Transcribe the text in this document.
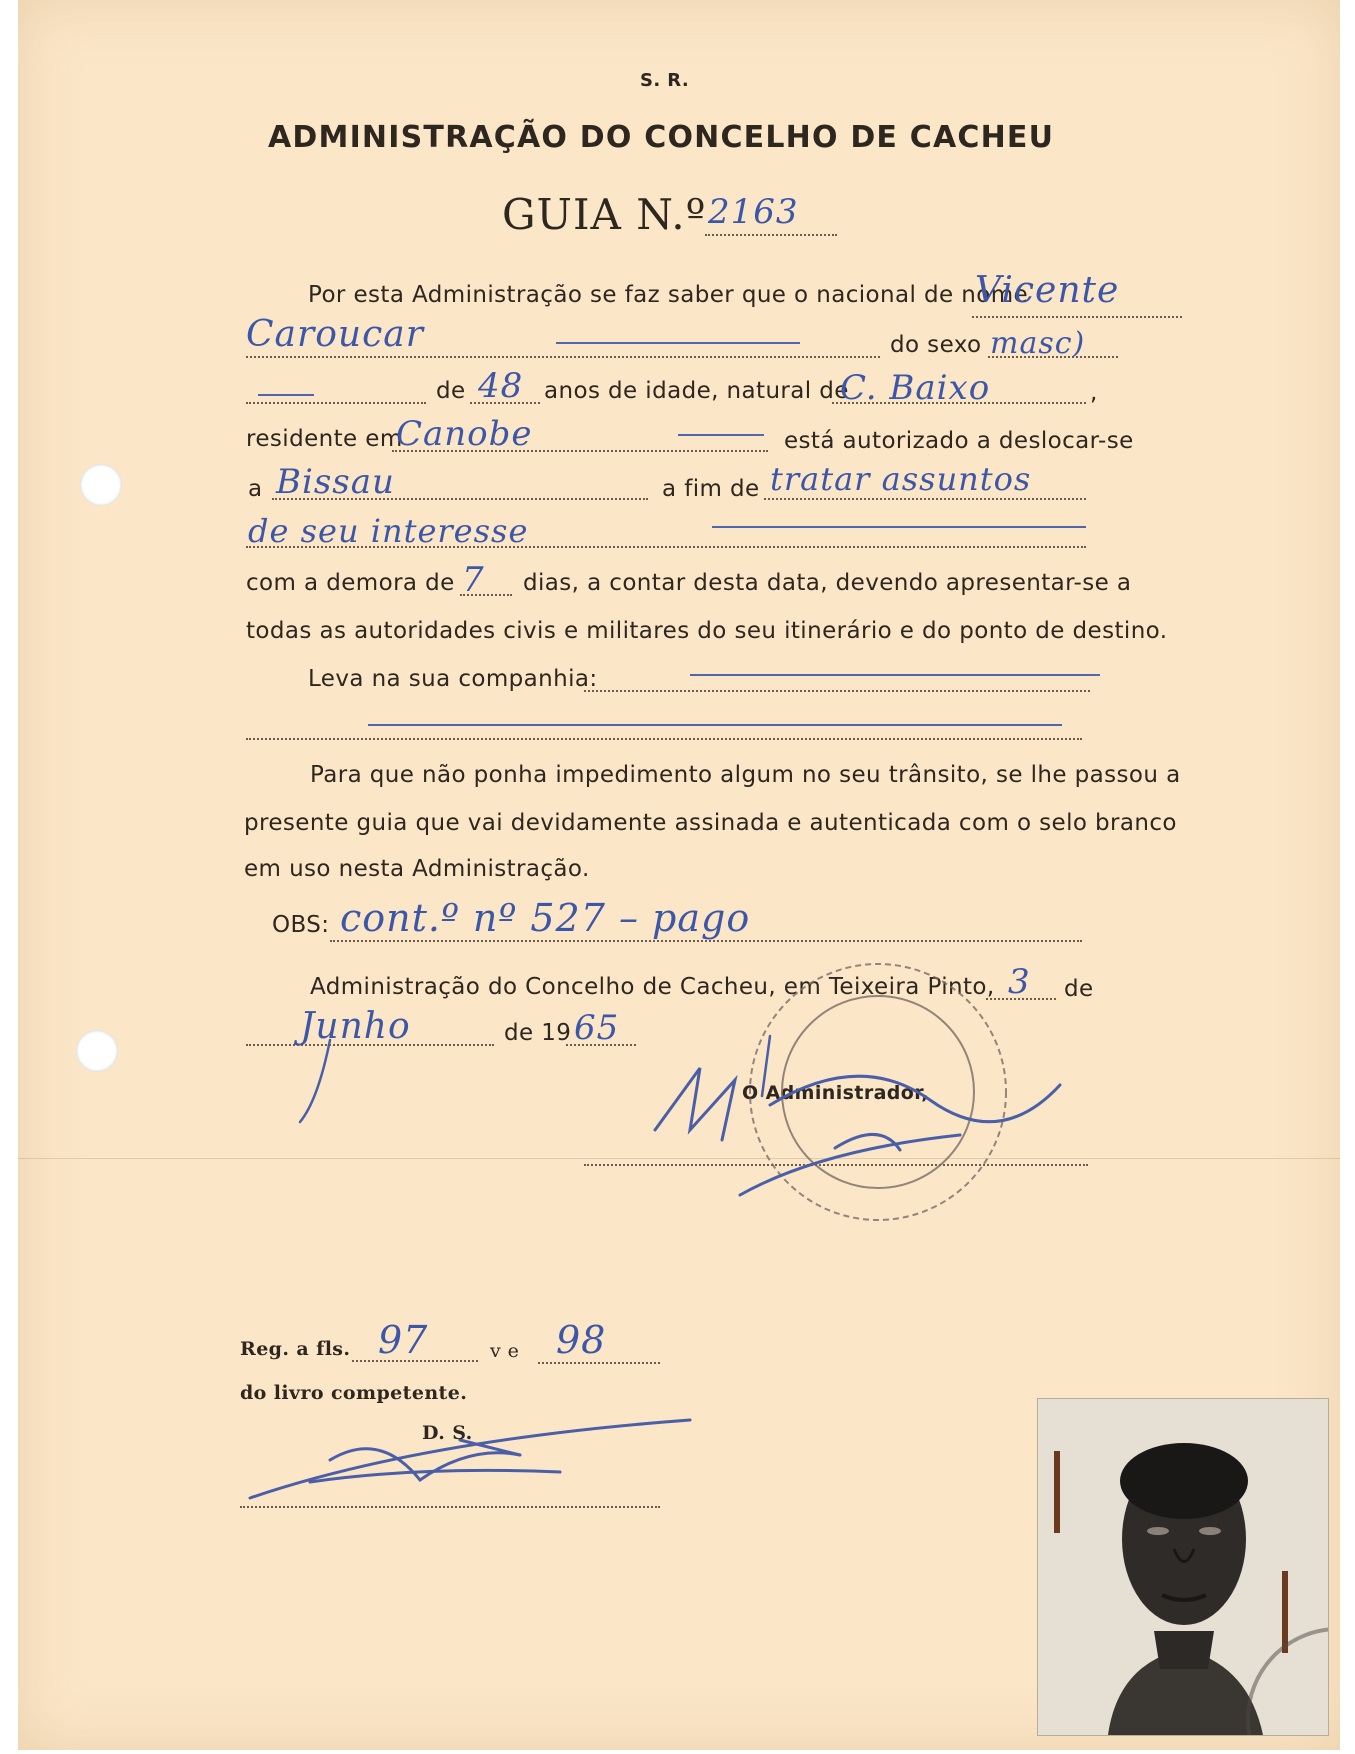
S. R.
ADMINISTRAÇÃO DO CONCELHO DE CACHEU
GUIA N.º 2163
Por esta Administração se faz saber que o nacional de nome
Vicente
Caroucar	do sexo masc)
de 48 anos de idade, natural de
C. Baixo	,
residente em
Canobe	está autorizado a deslocar-se
a Bissau	a fim de tratar assuntos
de seu interesse
com a demora de 7 dias, a contar desta data, devendo apresentar-se a
todas as autoridades civis e militares do seu itinerário e do ponto de destino.
Leva na sua companhia:
Para que não ponha impedimento algum no seu trânsito, se lhe passou a
presente guia que vai devidamente assinada e autenticada com o selo branco
em uso nesta Administração.
OBS: cont.º nº 527 – pago
Administração do Concelho de Cacheu, em Teixeira Pinto, 3 de
Junho	de 19 65
O Administrador,
Reg. a fls. 97	v e 98
do livro competente.
D. S.
